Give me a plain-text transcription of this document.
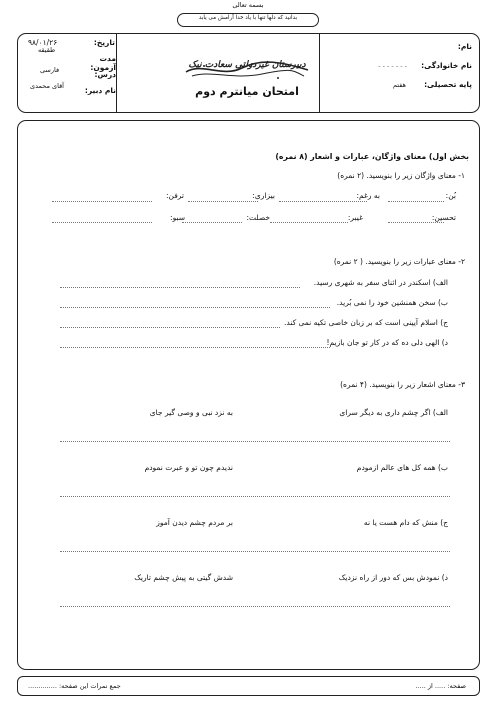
بسمه تعالی
بدانید که دلها تنها با یاد خدا آرامش می یابد
نام:
نام خانوادگی:
- - - - - - -
پایه تحصیلی:
هفتم
دبیرستان غیردولتی سعادت نیک
امتحان میانترم دوم
تاریخ:
۹۸/۰۱/۲۶
مدت آزمون:
طقیقه
درس:
فارسی
نام دبیر:
آقای محمدی
بخش اول) معنای واژگان، عبارات و اشعار (۸ نمره)
۱- معنای واژگان زیر را بنویسید. (۲ نمره)
بُن:
به رغم:
بیزاری:
ترفن:
تحسین:
غیبر:
خصلت:
سبو:
۲- معنای عبارات زیر را بنویسید. ( ۲ نمره)
الف) اسکندر در اثنای سفر به شهری رسید.
ب) سخن همنشین خود را نمی بُرید.
ج) اسلام آیینی است که بر زبان خاصی تکیه نمی کند.
د) الهی دلی ده که در کار تو جان بازیم!
۳- معنای اشعار زیر را بنویسید. (۴ نمره)
الف) اگر چشم داری به دیگر سرای
به نزد نبی و وصی گیر جای
ب) همه کل های عالم ازمودم
ندیدم چون تو و عبرت نمودم
ج) منش که دام هست یا نه
بر مردم چشم دیدن آموز
د) نمودش بس که دور از راه نزدیک
شدش گیتی به پیش چشم تاریک
صفحه: ..... از .....
جمع نمرات این صفحه: ..............
